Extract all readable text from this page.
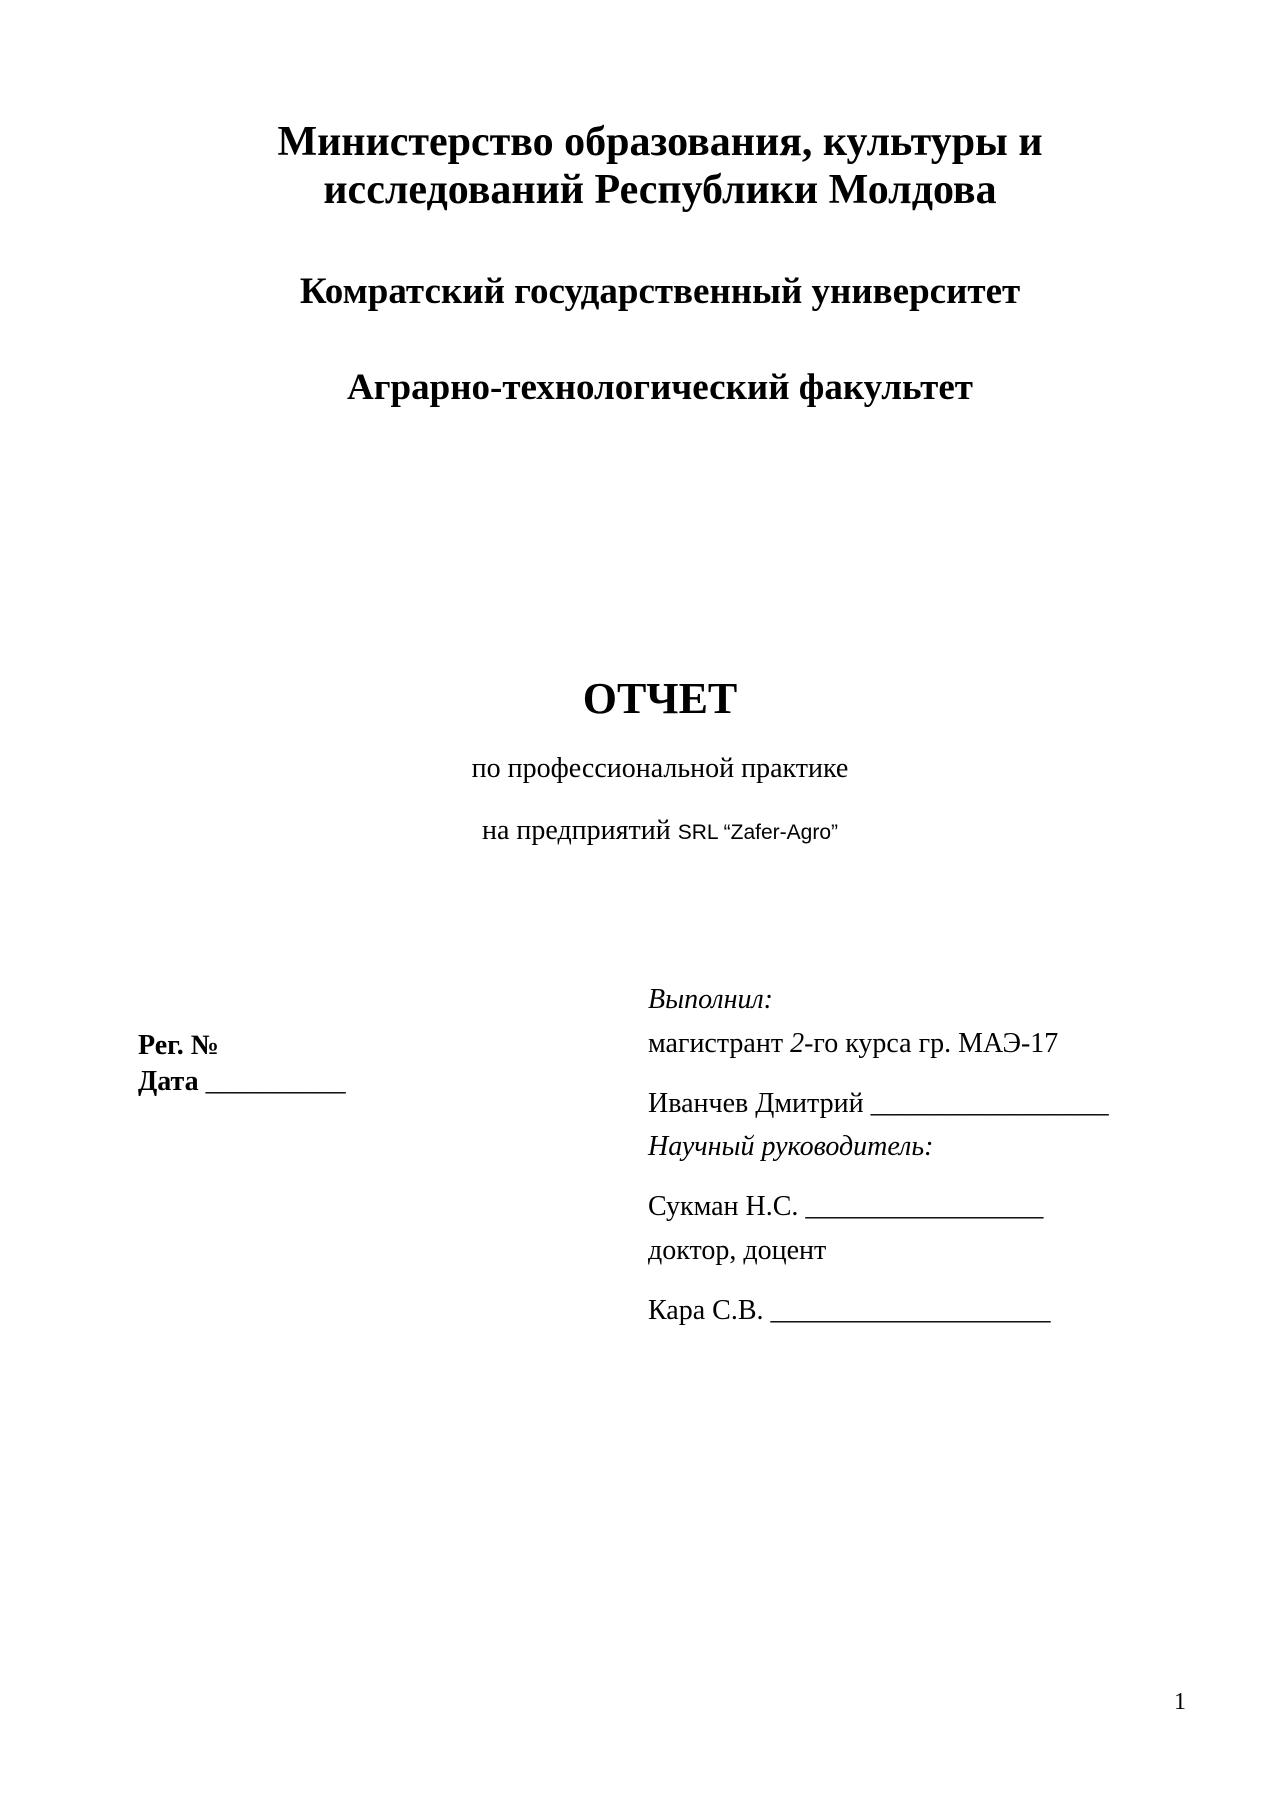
Министерство образования, культуры и
исследований Республики Молдова
Комратский государственный университет
Аграрно-технологический факультет
ОТЧЕТ
по профессиональной практике
на предприятий SRL “Zafer-Agro”
Рег. №
Дата __________
Выполнил:
магистрант 2-го курса гр. МАЭ-17
Иванчев Дмитрий _________________
Научный руководитель:
Сукман Н.С. _________________
доктор, доцент
Кара С.В. ____________________
1
